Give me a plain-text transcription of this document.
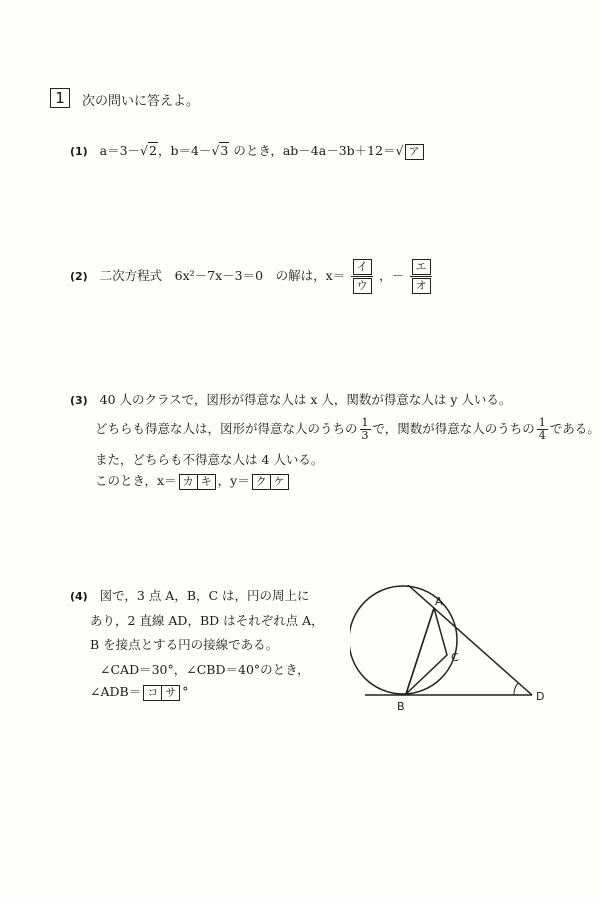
1	次の問いに答えよ。
(1) a＝3－√2，b＝4－√3 のとき，ab－4a－3b＋12＝√ ア
(2) 二次方程式　6x²－7x－3＝0　の解は，x＝
イ
ウ
，－
エ
オ
(3) 40 人のクラスで，図形が得意な人は x 人，関数が得意な人は y 人いる。
どちらも得意な人は，図形が得意な人のうちの $\frac{1}{3}$ で，関数が得意な人のうちの $\frac{1}{4}$ である。
また，どちらも不得意な人は 4 人いる。
このとき，x＝ カ キ ，y＝ ク ケ
(4) 図で，3 点 A，B，C は，円の周上に
あり，2 直線 AD，BD はそれぞれ点 A，
B を接点とする円の接線である。
∠CAD＝30°，∠CBD＝40°のとき，
∠ADB＝ コ サ °
A
B
C
D
